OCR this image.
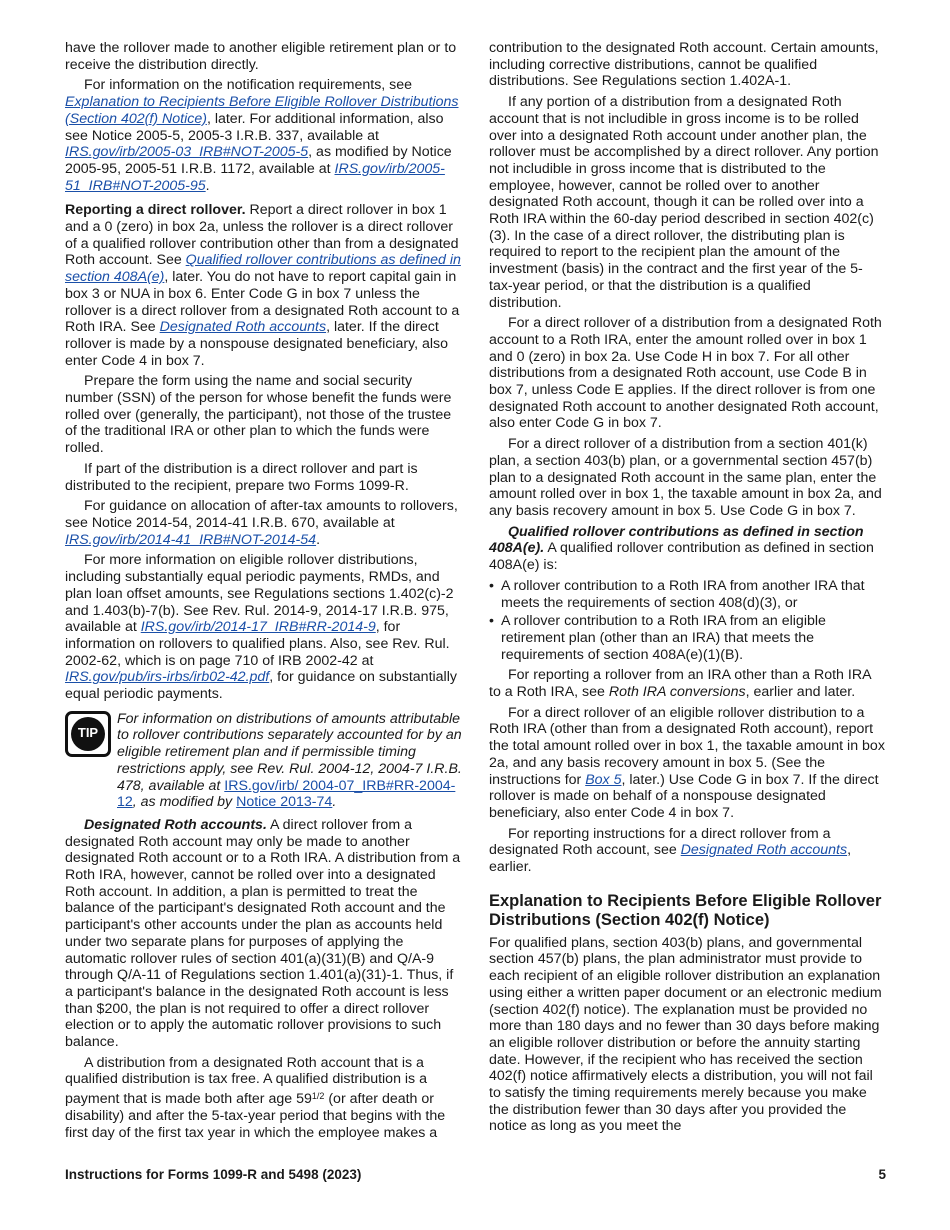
have the rollover made to another eligible retirement plan or to receive the distribution directly.

For information on the notification requirements, see Explanation to Recipients Before Eligible Rollover Distributions (Section 402(f) Notice), later. For additional information, also see Notice 2005-5, 2005-3 I.R.B. 337, available at IRS.gov/irb/2005-03_IRB#NOT-2005-5, as modified by Notice 2005-95, 2005-51 I.R.B. 1172, available at IRS.gov/irb/2005-51_IRB#NOT-2005-95.

Reporting a direct rollover. Report a direct rollover in box 1 and a 0 (zero) in box 2a, unless the rollover is a direct rollover of a qualified rollover contribution other than from a designated Roth account. See Qualified rollover contributions as defined in section 408A(e), later. You do not have to report capital gain in box 3 or NUA in box 6. Enter Code G in box 7 unless the rollover is a direct rollover from a designated Roth account to a Roth IRA. See Designated Roth accounts, later. If the direct rollover is made by a nonspouse designated beneficiary, also enter Code 4 in box 7.

Prepare the form using the name and social security number (SSN) of the person for whose benefit the funds were rolled over (generally, the participant), not those of the trustee of the traditional IRA or other plan to which the funds were rolled.

If part of the distribution is a direct rollover and part is distributed to the recipient, prepare two Forms 1099-R.

For guidance on allocation of after-tax amounts to rollovers, see Notice 2014-54, 2014-41 I.R.B. 670, available at IRS.gov/irb/2014-41_IRB#NOT-2014-54.

For more information on eligible rollover distributions, including substantially equal periodic payments, RMDs, and plan loan offset amounts, see Regulations sections 1.402(c)-2 and 1.403(b)-7(b). See Rev. Rul. 2014-9, 2014-17 I.R.B. 975, available at IRS.gov/irb/2014-17_IRB#RR-2014-9, for information on rollovers to qualified plans. Also, see Rev. Rul. 2002-62, which is on page 710 of IRB 2002-42 at IRS.gov/pub/irs-irbs/irb02-42.pdf, for guidance on substantially equal periodic payments.

TIP
For information on distributions of amounts attributable to rollover contributions separately accounted for by an eligible retirement plan and if permissible timing restrictions apply, see Rev. Rul. 2004-12, 2004-7 I.R.B. 478, available at IRS.gov/irb/ 2004-07_IRB#RR-2004-12, as modified by Notice 2013-74.

Designated Roth accounts. A direct rollover from a designated Roth account may only be made to another designated Roth account or to a Roth IRA. A distribution from a Roth IRA, however, cannot be rolled over into a designated Roth account. In addition, a plan is permitted to treat the balance of the participant's designated Roth account and the participant's other accounts under the plan as accounts held under two separate plans for purposes of applying the automatic rollover rules of section 401(a)(31)(B) and Q/A-9 through Q/A-11 of Regulations section 1.401(a)(31)-1. Thus, if a participant's balance in the designated Roth account is less than $200, the plan is not required to offer a direct rollover election or to apply the automatic rollover provisions to such balance.

A distribution from a designated Roth account that is a qualified distribution is tax free. A qualified distribution is a payment that is made both after age $59^{1/2}$ (or after death or disability) and after the 5-tax-year period that begins with the first day of the first tax year in which the employee makes a

contribution to the designated Roth account. Certain amounts, including corrective distributions, cannot be qualified distributions. See Regulations section 1.402A-1.

If any portion of a distribution from a designated Roth account that is not includible in gross income is to be rolled over into a designated Roth account under another plan, the rollover must be accomplished by a direct rollover. Any portion not includible in gross income that is distributed to the employee, however, cannot be rolled over to another designated Roth account, though it can be rolled over into a Roth IRA within the 60-day period described in section 402(c)(3). In the case of a direct rollover, the distributing plan is required to report to the recipient plan the amount of the investment (basis) in the contract and the first year of the 5-tax-year period, or that the distribution is a qualified distribution.

For a direct rollover of a distribution from a designated Roth account to a Roth IRA, enter the amount rolled over in box 1 and 0 (zero) in box 2a. Use Code H in box 7. For all other distributions from a designated Roth account, use Code B in box 7, unless Code E applies. If the direct rollover is from one designated Roth account to another designated Roth account, also enter Code G in box 7.

For a direct rollover of a distribution from a section 401(k) plan, a section 403(b) plan, or a governmental section 457(b) plan to a designated Roth account in the same plan, enter the amount rolled over in box 1, the taxable amount in box 2a, and any basis recovery amount in box 5. Use Code G in box 7.

Qualified rollover contributions as defined in section 408A(e). A qualified rollover contribution as defined in section 408A(e) is:

• A rollover contribution to a Roth IRA from another IRA that meets the requirements of section 408(d)(3), or
• A rollover contribution to a Roth IRA from an eligible retirement plan (other than an IRA) that meets the requirements of section 408A(e)(1)(B).

For reporting a rollover from an IRA other than a Roth IRA to a Roth IRA, see Roth IRA conversions, earlier and later.

For a direct rollover of an eligible rollover distribution to a Roth IRA (other than from a designated Roth account), report the total amount rolled over in box 1, the taxable amount in box 2a, and any basis recovery amount in box 5. (See the instructions for Box 5, later.) Use Code G in box 7. If the direct rollover is made on behalf of a nonspouse designated beneficiary, also enter Code 4 in box 7.

For reporting instructions for a direct rollover from a designated Roth account, see Designated Roth accounts, earlier.

Explanation to Recipients Before Eligible Rollover Distributions (Section 402(f) Notice)

For qualified plans, section 403(b) plans, and governmental section 457(b) plans, the plan administrator must provide to each recipient of an eligible rollover distribution an explanation using either a written paper document or an electronic medium (section 402(f) notice). The explanation must be provided no more than 180 days and no fewer than 30 days before making an eligible rollover distribution or before the annuity starting date. However, if the recipient who has received the section 402(f) notice affirmatively elects a distribution, you will not fail to satisfy the timing requirements merely because you make the distribution fewer than 30 days after you provided the notice as long as you meet the

Instructions for Forms 1099-R and 5498 (2023)	5
